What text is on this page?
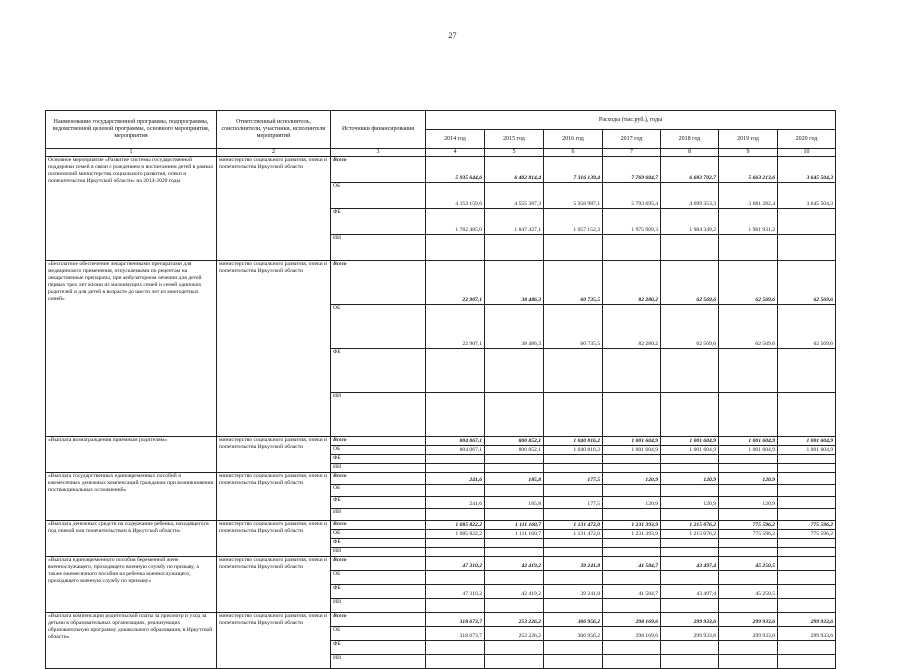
27
Наименование государственной программы, подпрограммы, ведомственной целевой программы, основного мероприятия, мероприятия	Ответственный исполнитель, соисполнители, участники, исполнители мероприятий	Источники финансирования	Расходы (тыс.руб.), годы						
			2014 год	2015 год	2016 год	2017 год	2018 год	2019 год	2020 год
1	2	3	4	5	6	7	8	9	10
Основное мероприятие «Развитие системы государственной поддержки семей в связи с рождением и воспитанием детей в рамках полномочий министерства социального развития, опеки и попечительства Иркутской области» на 2014-2020 годы	министерство социального развития, опеки и попечительства Иркутской области	Всего	5 935 644,6	6 402 814,4	7 316 139,4	7 769 604,7	6 683 702,7	5 663 213,6	3 645 504,3
		ОБ	4 153 159,6	4 555 387,3	5 358 987,1	5 793 695,4	4 699 353,3	3 681 282,4	3 645 504,3
		ФБ	1 782 485,0	1 847 427,1	1 957 152,3	1 975 909,3	1 984 349,2	1 981 931,2	
		ИИ							
«Бесплатное обеспечение лекарственными препаратами для медицинского применения, отпускаемыми по рецептам на лекарственные препараты, при амбулаторном лечении для детей первых трех лет жизни из малоимущих семей и семей одиноких родителей и для детей в возрасте до шести лет из многодетных семей»	министерство социального развития, опеки и попечительства Иркутской области	Всего	22 907,1	38 486,3	60 735,5	82 280,2	62 569,6	62 569,6	62 569,6
		ОБ	22 907,1	38 486,3	60 735,5	82 280,2	62 569,6	62 569,6	62 569,6
		ФБ							
		ИИ							
«Выплата вознаграждения приемным родителям»	министерство социального развития, опеки и попечительства Иркутской области	Всего	804 067,1	800 852,1	1 040 816,2	1 001 604,9	1 001 604,9	1 001 604,9	1 001 604,9
		ОБ	804 067,1	800 852,1	1 040 816,2	1 001 604,9	1 001 604,9	1 001 604,9	1 001 604,9
		ФБ							
		ИИ							
«Выплата государственных единовременных пособий и ежемесячных денежных компенсаций гражданам при возникновении поствакцинальных осложнений»	министерство социального развития, опеки и попечительства Иркутской области	Всего	241,6	185,8	177,5	120,9	120,9	120,9	
		ОБ							
		ФБ	241,6	185,8	177,5	120,9	120,9	120,9	
		ИИ							
«Выплата денежных средств на содержание ребенка, находящегося под опекой или попечительством в Иркутской области»	министерство социального развития, опеки и попечительства Иркутской области	Всего	1 085 822,2	1 111 160,7	1 131 472,0	1 231 393,9	1 215 076,2	775 596,2	775 596,2
		ОБ	1 085 822,2	1 111 160,7	1 131 472,0	1 231 393,9	1 215 076,2	775 596,2	775 596,2
		ФБ							
		ИИ							
«Выплата единовременного пособия беременной жене военнослужащего, проходящего военную службу по призыву, а также ежемесячного пособия на ребенка военнослужащего, проходящего военную службу по призыву»	министерство социального развития, опеки и попечительства Иркутской области	Всего	47 310,2	42 419,2	39 241,8	41 584,7	43 497,4	45 250,5	
		ОБ							
		ФБ	47 310,2	42 419,2	39 241,8	41 584,7	43 497,4	45 250,5	
		ИИ							
«Выплата компенсации родительской платы за присмотр и уход за детьми в образовательных организациях, реализующих образовательную программу дошкольного образования, в Иркутской области»	министерство социального развития, опеки и попечительства Иркутской области	Всего	318 673,7	253 226,2	306 956,2	298 169,6	299 933,6	299 933,6	299 933,6
		ОБ	318 673,7	253 226,2	306 956,2	298 169,6	299 933,6	299 933,6	299 933,6
		ФБ							
		ИИ							
